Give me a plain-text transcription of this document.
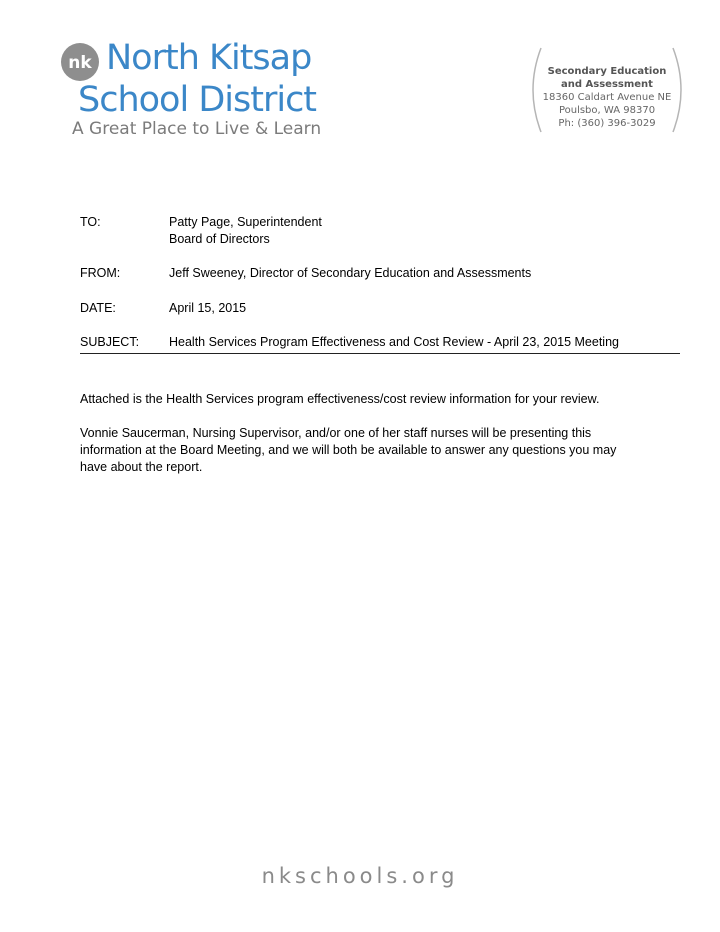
nk North Kitsap
School District
A Great Place to Live & Learn
Secondary Education
and Assessment
18360 Caldart Avenue NE
Poulsbo, WA 98370
Ph: (360) 396-3029
TO:	Patty Page, Superintendent
Board of Directors
FROM:	Jeff Sweeney, Director of Secondary Education and Assessments
DATE:	April 15, 2015
SUBJECT: Health Services Program Effectiveness and Cost Review - April 23, 2015 Meeting

Attached is the Health Services program effectiveness/cost review information for your review.

Vonnie Saucerman, Nursing Supervisor, and/or one of her staff nurses will be presenting this information at the Board Meeting, and we will both be available to answer any questions you may have about the report.

nkschools.org
